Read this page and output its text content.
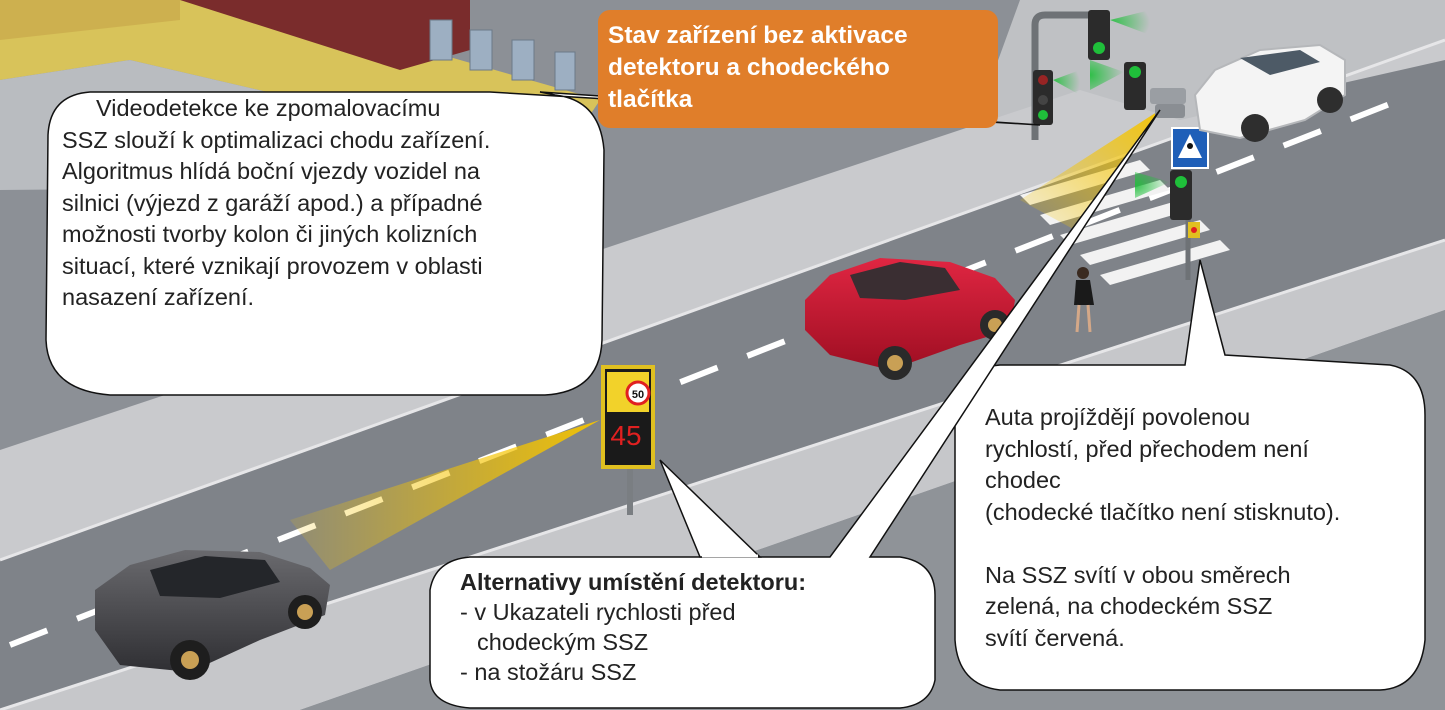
50
45
Stav zařízení bez aktivace
detektoru a chodeckého
tlačítka
Videodetekce ke zpomalovacímu
SSZ slouží k optimalizaci chodu zařízení.
Algoritmus hlídá boční vjezdy vozidel na
silnici (výjezd z garáží apod.) a případné
možnosti tvorby kolon či jiných kolizních
situací, které vznikají provozem v oblasti
nasazení zařízení.
Auta projíždějí povolenou
rychlostí, před přechodem není
chodec
(chodecké tlačítko není stisknuto).

Na SSZ svítí v obou směrech
zelená, na chodeckém SSZ
svítí červená.
Alternativy umístění detektoru:
- v Ukazateli rychlosti před
chodeckým SSZ
- na stožáru SSZ
